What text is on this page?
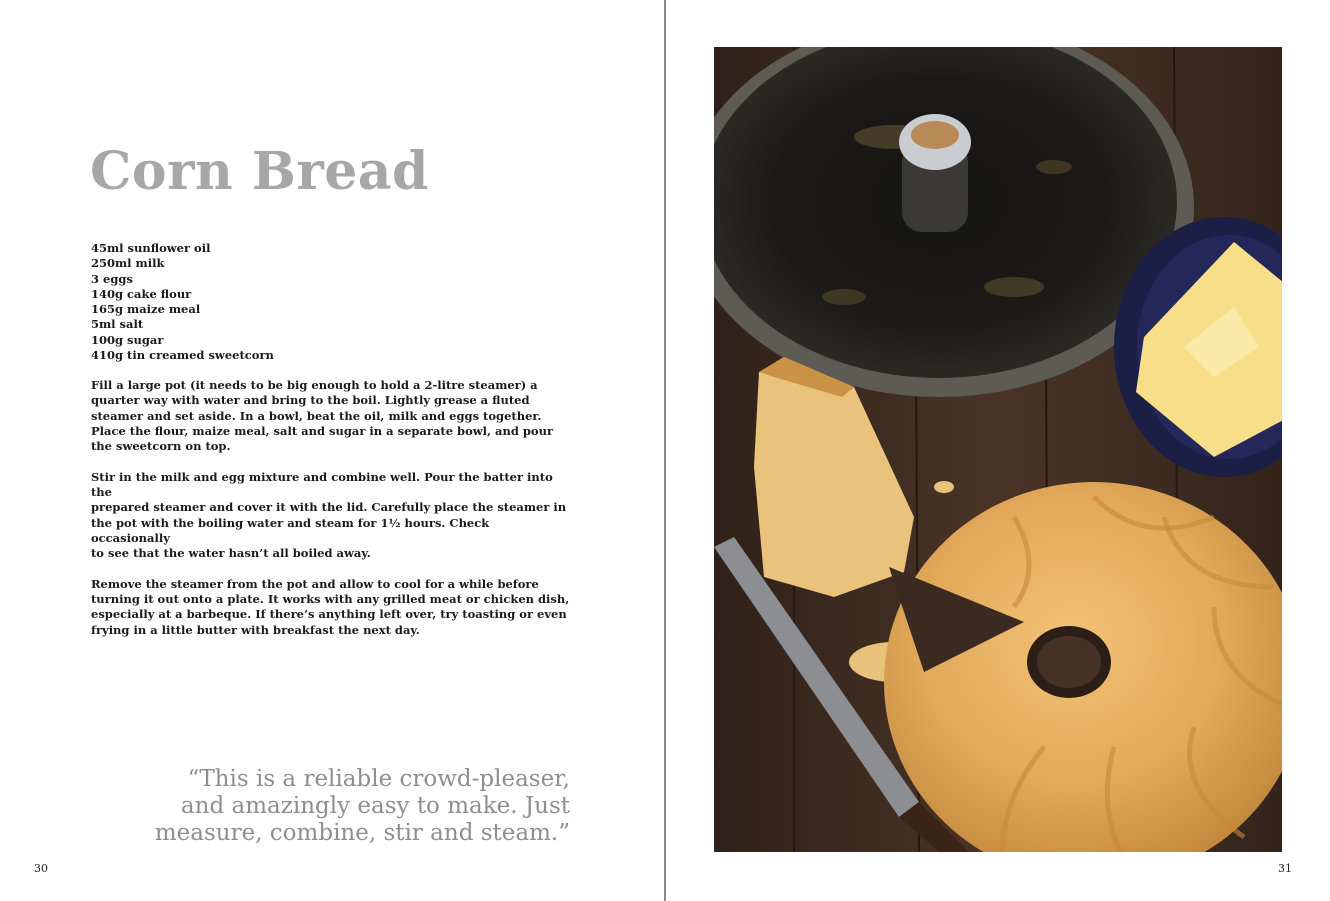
Corn Bread
45ml sunflower oil
250ml milk
3 eggs
140g cake flour
165g maize meal
5ml salt
100g sugar
410g tin creamed sweetcorn

Fill a large pot (it needs to be big enough to hold a 2-litre steamer) a
quarter way with water and bring to the boil. Lightly grease a fluted
steamer and set aside. In a bowl, beat the oil, milk and eggs together.
Place the flour, maize meal, salt and sugar in a separate bowl, and pour
the sweetcorn on top.

Stir in the milk and egg mixture and combine well. Pour the batter into the
prepared steamer and cover it with the lid. Carefully place the steamer in
the pot with the boiling water and steam for 1½ hours. Check occasionally
to see that the water hasn’t all boiled away.

Remove the steamer from the pot and allow to cool for a while before
turning it out onto a plate. It works with any grilled meat or chicken dish,
especially at a barbeque. If there’s anything left over, try toasting or even
frying in a little butter with breakfast the next day.

“This is a reliable crowd-pleaser,
and amazingly easy to make. Just
measure, combine, stir and steam.”
30	31
